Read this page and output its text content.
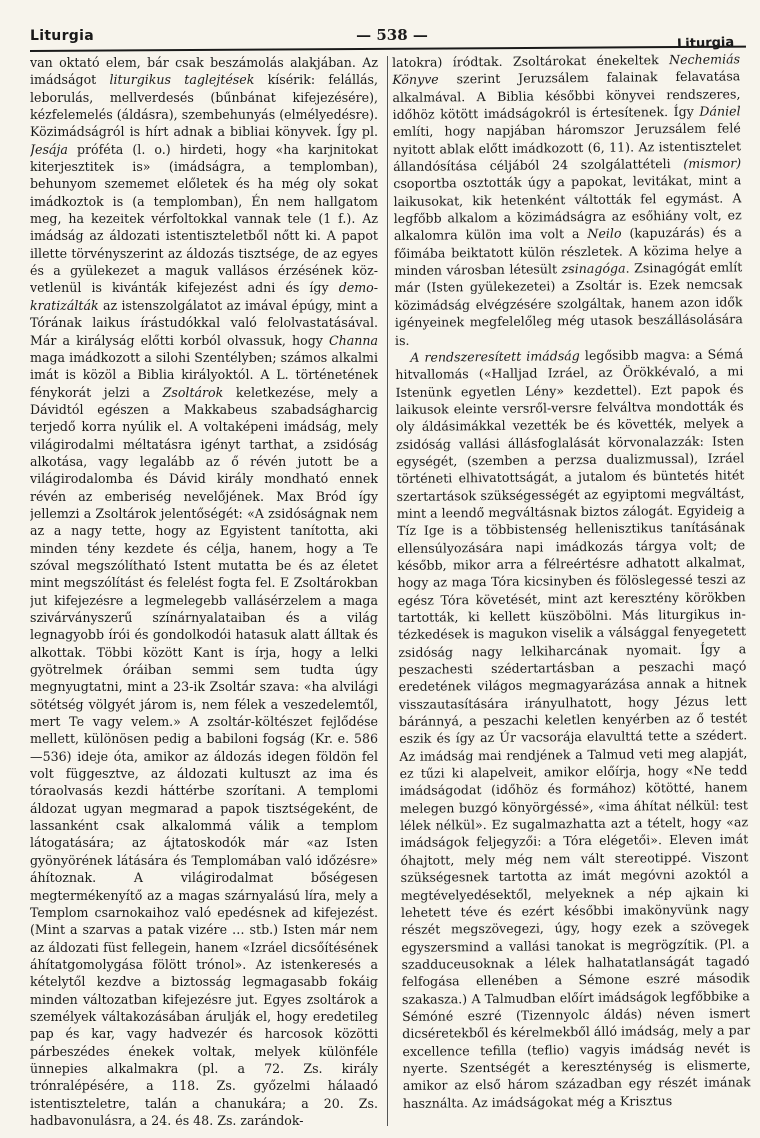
Liturgia	— 538 —	Liturgia

van oktató elem, bár csak beszámolás alakjában. Az imádságot liturgikus taglejtések kísérik: felállás, leborulás, mellverdesés (bűnbánat kifejezésére), kézfelemelés (áldásra), szembehunyás (elmélyedésre). Közimádságról is hírt adnak a bibliai könyvek. Így pl. Jesája próféta (l. o.) hirdeti, hogy «ha karjnitokat kiterjesztitek is» (imádságra, a templomban), behunyom szememet előletek és ha még oly sokat imádkoztok is (a templomban), Én nem hallgatom meg, ha kezeitek vérfoltokkal vannak tele (1 f.). Az imádság az áldozati istentiszteletből nőtt ki. A papot illette törvényszerint az áldozás tisztsége, de az egyes és a gyülekezet a maguk vallásos érzésének közvetlenül is kivánták kifejezést adni és így demokratizálták az istenszolgálatot az imával épúgy, mint a Tórának laikus írástudókkal való felolvastatásával. Már a királyság előtti korból olvassuk, hogy Channa maga imádkozott a silohi Szentélyben; számos alkalmi imát is közöl a Biblia királyoktól. A L. történetének fénykorát jelzi a Zsoltárok keletkezése, mely a Dávidtól egészen a Makkabeus szabadságharcig terjedő korra nyúlik el. A voltaképeni imádság, mely világirodalmi méltatásra igényt tarthat, a zsidóság alkotása, vagy legalább az ő révén jutott be a világirodalomba és Dávid király mondható ennek révén az emberiség nevelőjének. Max Bród így jellemzi a Zsoltárok jelentőségét: «A zsidóságnak nem az a nagy tette, hogy az Egyistent tanította, aki minden tény kezdete és célja, hanem, hogy a Te szóval megszólítható Istent mutatta be és az életet mint megszólítást és felelést fogta fel. E Zsoltárokban jut kifejezésre a legmelegebb vallásérzelem a maga szivárványszerű színárnyalataiban és a világ legnagyobb írói és gondolkodói hatasuk alatt álltak és alkottak. Többi között Kant is írja, hogy a lelki gyötrelmek óráiban semmi sem tudta úgy megnyugtatni, mint a 23-ik Zsoltár szava: «ha alvilági sötétség völgyét járom is, nem félek a veszedelemtől, mert Te vagy velem.» A zsoltár-költészet fejlődése mellett, különösen pedig a babiloni fogság (Kr. e. 586—536) ideje óta, amikor az áldozás idegen földön fel volt függesztve, az áldozati kultuszt az ima és tóraolvasás kezdi háttérbe szorítani. A templomi áldozat ugyan megmarad a papok tisztségeként, de lassanként csak alkalommá válik a templom látogatására; az ájtatoskodók már «az Isten gyönyörének látására és Templomában való időzésre» áhítoznak. A világirodalmat bőségesen megtermékenyítő az a magas szárnyalású líra, mely a Templom csarnokaihoz való epedésnek ad kifejezést. (Mint a szarvas a patak vizére … stb.) Isten már nem az áldozati füst fellegein, hanem «Izráel dicsőítésének áhítatgomolygása fölött trónol». Az istenkeresés a kételytől kezdve a biztosság legmagasabb fokáig minden változatban kifejezésre jut. Egyes zsoltárok a személyek váltakozásában árulják el, hogy eredetileg pap és kar, vagy hadvezér és harcosok közötti párbeszédes énekek voltak, melyek különféle ünnepies alkalmakra (pl. a 72. Zs. király trónralépésére, a 118. Zs. győzelmi hálaadó istentiszteletre, talán a chanukára; a 20. Zs. hadbavonulásra, a 24. és 48. Zs. zarándok-

latokra) íródtak. Zsoltárokat énekeltek Nechemiás Könyve szerint Jeruzsálem falainak felavatása alkalmával. A Biblia későbbi könyvei rendszeres, időhöz kötött imádságokról is értesítenek. Így Dániel említi, hogy napjában háromszor Jeruzsálem felé nyitott ablak előtt imádkozott (6, 11). Az istentisztelet állandósítása céljából 24 szolgálattételi (mismor) csoportba osztották úgy a papokat, levitákat, mint a laikusokat, kik hetenként váltották fel egymást. A legfőbb alkalom a közimádságra az esőhiány volt, ez alkalomra külön ima volt a Neilo (kapuzárás) és a főimába beiktatott külön részletek. A közima helye a minden városban létesült zsinagóga. Zsinagógát említ már (Isten gyülekezetei) a Zsoltár is. Ezek nemcsak közimádság elvégzésére szolgáltak, hanem azon idők igényeinek megfelelőleg még utasok beszállásolására is.

A rendszeresített imádság legősibb magva: a Sémá hitvallomás («Halljad Izráel, az Örökkévaló, a mi Istenünk egyetlen Lény» kezdettel). Ezt papok és laikusok eleinte versről-versre felváltva mondották és oly áldásimákkal vezették be és követték, melyek a zsidóság vallási állásfoglalását körvonalazzák: Isten egységét, (szemben a perzsa dualizmussal), Izráel történeti elhivatottságát, a jutalom és büntetés hitét szertartások szükségességét az egyiptomi megváltást, mint a leendő megváltásnak biztos zálogát. Egyideig a Tíz Ige is a többistenség hellenisztikus tanításának ellensúlyozására napi imádkozás tárgya volt; de később, mikor arra a félreértésre adhatott alkalmat, hogy az maga Tóra kicsinyben és fölöslegessé teszi az egész Tóra követését, mint azt keresztény körökben tartották, ki kellett küszöbölni. Más liturgikus intézkedések is magukon viselik a válsággal fenyegetett zsidóság nagy lelkiharcának nyomait. Így a peszachesti szédertartásban a peszachi maçó eredetének világos megmagyarázása annak a hitnek visszautasítására irányulhatott, hogy Jézus lett báránnyá, a peszachi keletlen kenyérben az ő testét eszik és így az Úr vacsorája elavulttá tette a szédert. Az imádság mai rendjének a Talmud veti meg alapját, ez tűzi ki alapelveit, amikor előírja, hogy «Ne tedd imádságodat (időhöz és formához) kötötté, hanem melegen buzgó könyörgéssé», «ima áhítat nélkül: test lélek nélkül». Ez sugalmazhatta azt a tételt, hogy «az imádságok feljegyzői: a Tóra elégetői». Eleven imát óhajtott, mely még nem vált stereotippé. Viszont szükségesnek tartotta az imát megóvni azoktól a megtévelyedésektől, melyeknek a nép ajkain ki lehetett téve és ezért későbbi imakönyvünk nagy részét megszövegezi, úgy, hogy ezek a szövegek egyszersmind a vallási tanokat is megrögzítik. (Pl. a szadduceusoknak a lélek halhatatlanságát tagadó felfogása ellenében a Sémone eszré második szakasza.) A Talmudban előírt imádságok legfőbbike a Sémóné eszré (Tizennyolc áldás) néven ismert dicséretekből és kérelmekből álló imádság, mely a par excellence tefilla (teflio) vagyis imádság nevét is nyerte. Szentségét a kereszténység is elismerte, amikor az első három században egy részét imának használta. Az imádságokat még a Krisztus
